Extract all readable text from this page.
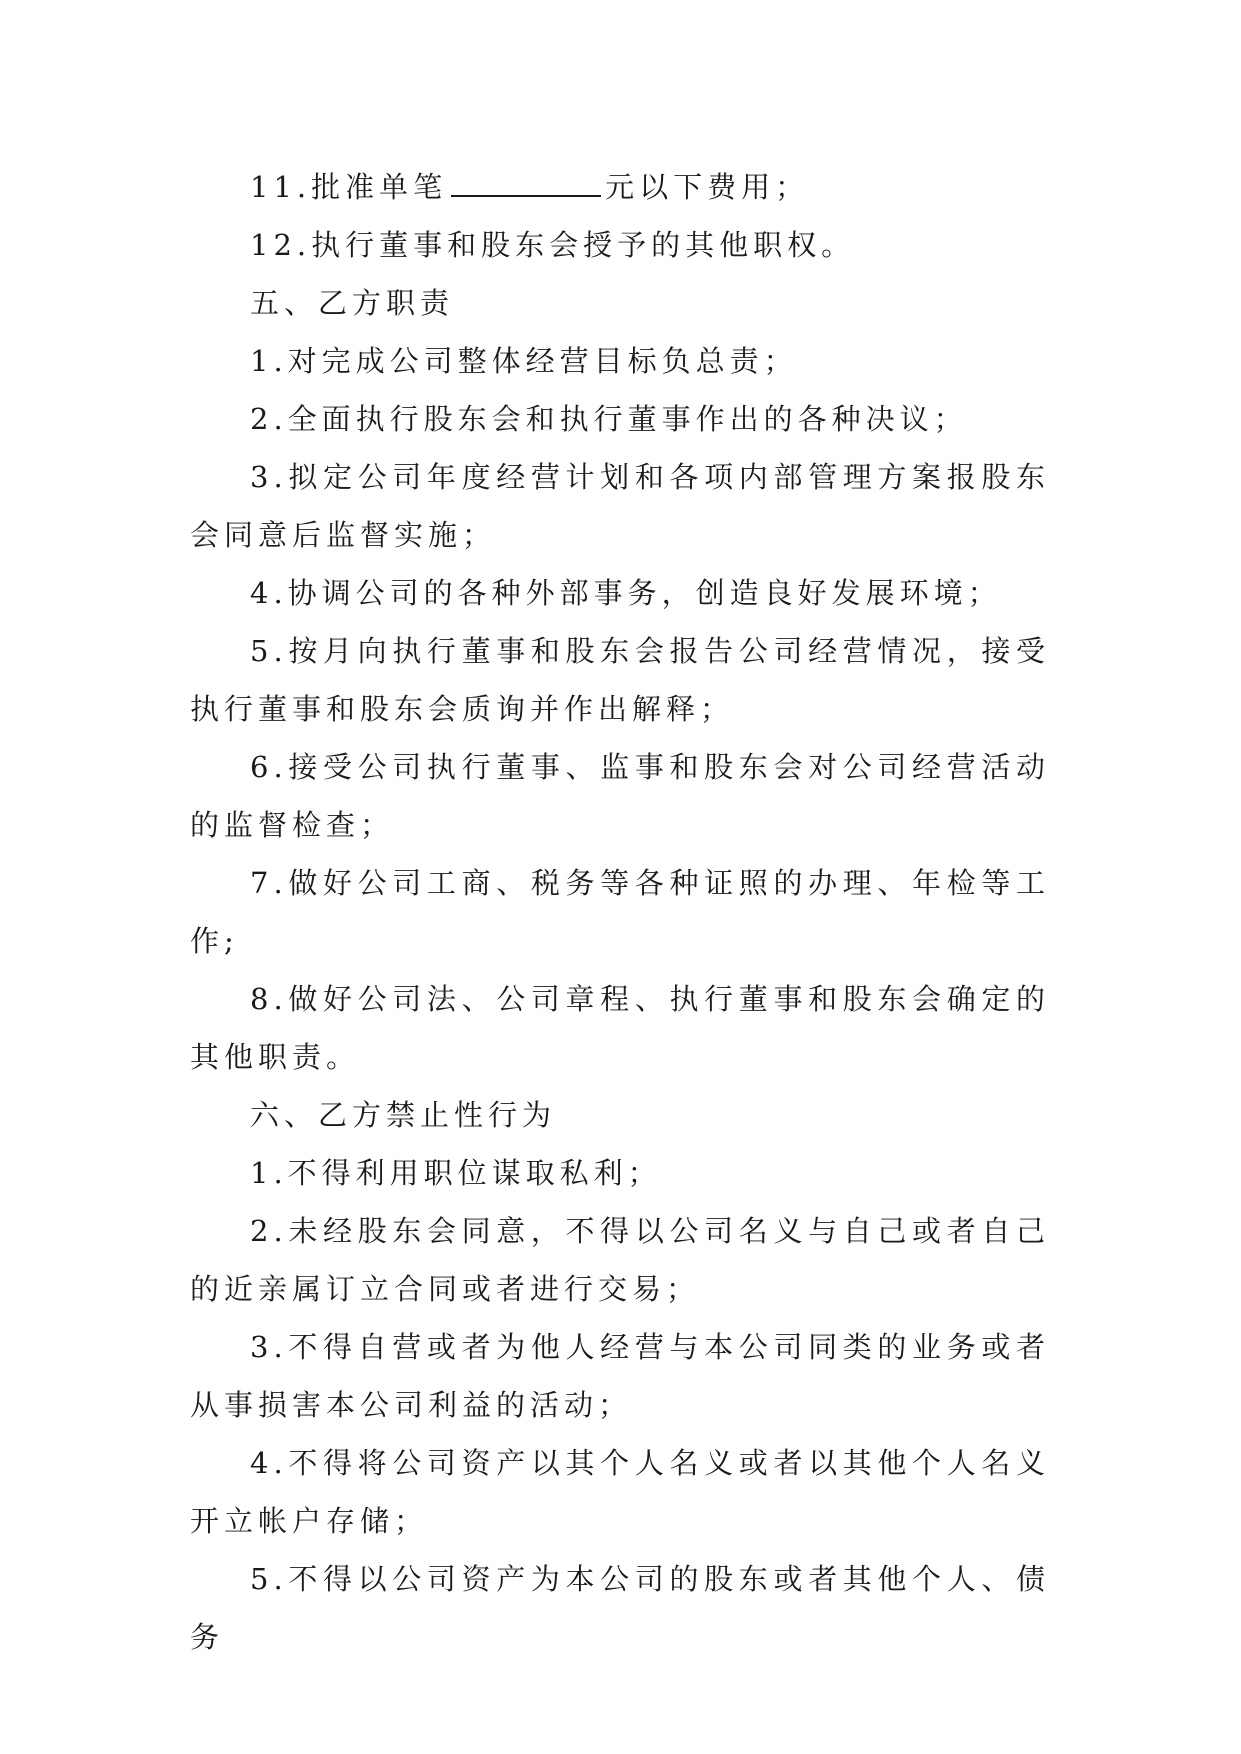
11.批准单笔	元以下费用；

12.执行董事和股东会授予的其他职权。

五、乙方职责

1.对完成公司整体经营目标负总责；

2.全面执行股东会和执行董事作出的各种决议；

3.拟定公司年度经营计划和各项内部管理方案报股东会同意后监督实施；

4.协调公司的各种外部事务，创造良好发展环境；

5.按月向执行董事和股东会报告公司经营情况，接受执行董事和股东会质询并作出解释；

6.接受公司执行董事、监事和股东会对公司经营活动的监督检查；

7.做好公司工商、税务等各种证照的办理、年检等工作;

8.做好公司法、公司章程、执行董事和股东会确定的其他职责。

六、乙方禁止性行为

1.不得利用职位谋取私利；

2.未经股东会同意，不得以公司名义与自己或者自己的近亲属订立合同或者进行交易；

3.不得自营或者为他人经营与本公司同类的业务或者从事损害本公司利益的活动；

4.不得将公司资产以其个人名义或者以其他个人名义开立帐户存储；

5.不得以公司资产为本公司的股东或者其他个人、债务
